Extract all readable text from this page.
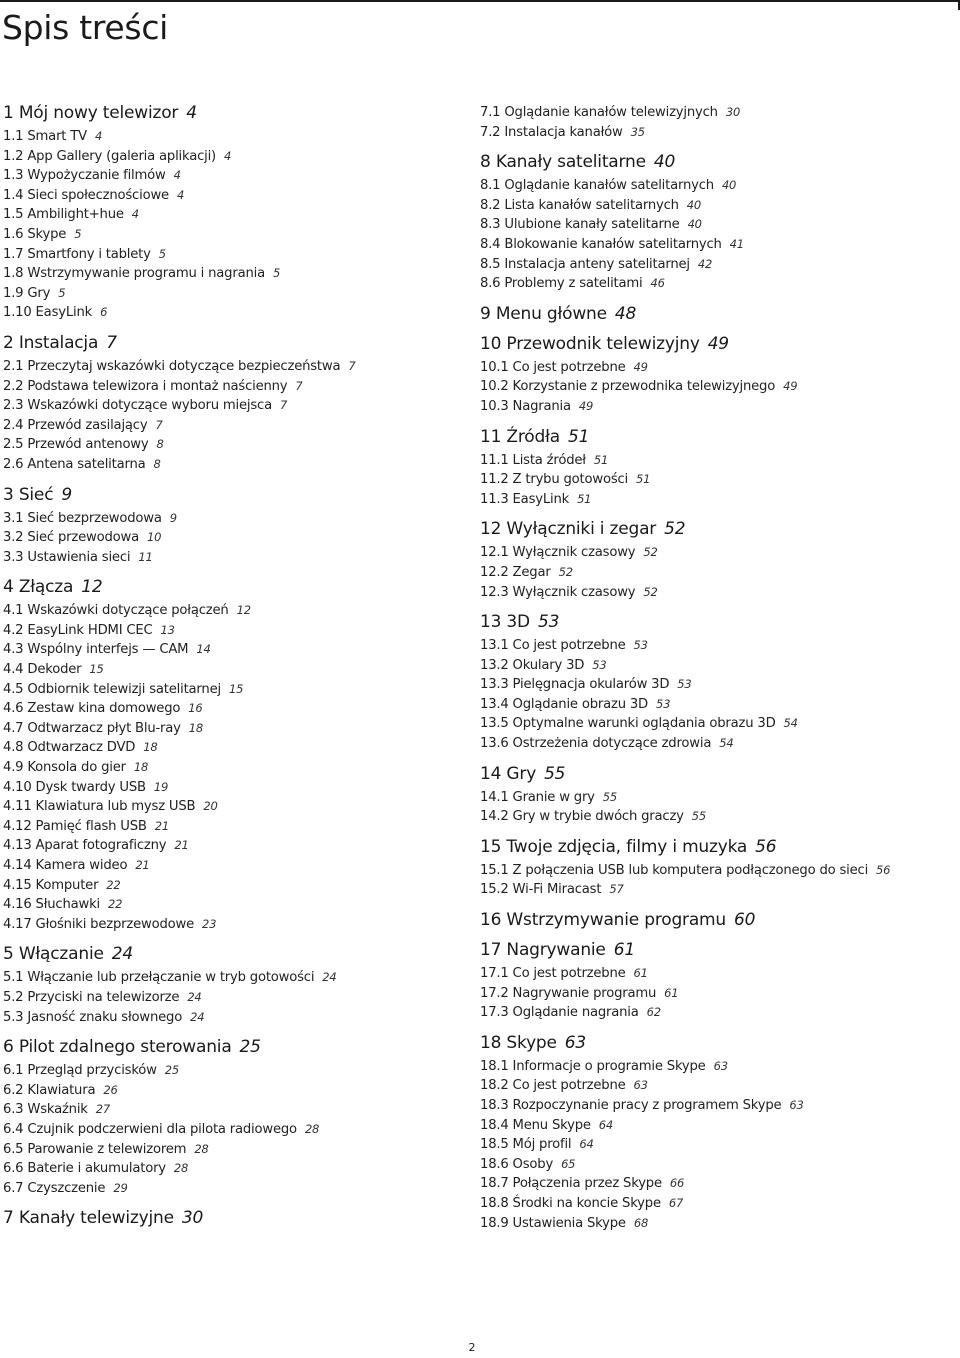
Spis treści
1 Mój nowy telewizor 4
1.1 Smart TV 4
1.2 App Gallery (galeria aplikacji) 4
1.3 Wypożyczanie filmów 4
1.4 Sieci społecznościowe 4
1.5 Ambilight+hue 4
1.6 Skype 5
1.7 Smartfony i tablety 5
1.8 Wstrzymywanie programu i nagrania 5
1.9 Gry 5
1.10 EasyLink 6
2 Instalacja 7
2.1 Przeczytaj wskazówki dotyczące bezpieczeństwa 7
2.2 Podstawa telewizora i montaż naścienny 7
2.3 Wskazówki dotyczące wyboru miejsca 7
2.4 Przewód zasilający 7
2.5 Przewód antenowy 8
2.6 Antena satelitarna 8
3 Sieć 9
3.1 Sieć bezprzewodowa 9
3.2 Sieć przewodowa 10
3.3 Ustawienia sieci 11
4 Złącza 12
4.1 Wskazówki dotyczące połączeń 12
4.2 EasyLink HDMI CEC 13
4.3 Wspólny interfejs — CAM 14
4.4 Dekoder 15
4.5 Odbiornik telewizji satelitarnej 15
4.6 Zestaw kina domowego 16
4.7 Odtwarzacz płyt Blu-ray 18
4.8 Odtwarzacz DVD 18
4.9 Konsola do gier 18
4.10 Dysk twardy USB 19
4.11 Klawiatura lub mysz USB 20
4.12 Pamięć flash USB 21
4.13 Aparat fotograficzny 21
4.14 Kamera wideo 21
4.15 Komputer 22
4.16 Słuchawki 22
4.17 Głośniki bezprzewodowe 23
5 Włączanie 24
5.1 Włączanie lub przełączanie w tryb gotowości 24
5.2 Przyciski na telewizorze 24
5.3 Jasność znaku słownego 24
6 Pilot zdalnego sterowania 25
6.1 Przegląd przycisków 25
6.2 Klawiatura 26
6.3 Wskaźnik 27
6.4 Czujnik podczerwieni dla pilota radiowego 28
6.5 Parowanie z telewizorem 28
6.6 Baterie i akumulatory 28
6.7 Czyszczenie 29
7 Kanały telewizyjne 30
7.1 Oglądanie kanałów telewizyjnych 30
7.2 Instalacja kanałów 35
8 Kanały satelitarne 40
8.1 Oglądanie kanałów satelitarnych 40
8.2 Lista kanałów satelitarnych 40
8.3 Ulubione kanały satelitarne 40
8.4 Blokowanie kanałów satelitarnych 41
8.5 Instalacja anteny satelitarnej 42
8.6 Problemy z satelitami 46
9 Menu główne 48
10 Przewodnik telewizyjny 49
10.1 Co jest potrzebne 49
10.2 Korzystanie z przewodnika telewizyjnego 49
10.3 Nagrania 49
11 Źródła 51
11.1 Lista źródeł 51
11.2 Z trybu gotowości 51
11.3 EasyLink 51
12 Wyłączniki i zegar 52
12.1 Wyłącznik czasowy 52
12.2 Zegar 52
12.3 Wyłącznik czasowy 52
13 3D 53
13.1 Co jest potrzebne 53
13.2 Okulary 3D 53
13.3 Pielęgnacja okularów 3D 53
13.4 Oglądanie obrazu 3D 53
13.5 Optymalne warunki oglądania obrazu 3D 54
13.6 Ostrzeżenia dotyczące zdrowia 54
14 Gry 55
14.1 Granie w gry 55
14.2 Gry w trybie dwóch graczy 55
15 Twoje zdjęcia, filmy i muzyka 56
15.1 Z połączenia USB lub komputera podłączonego do sieci 56
15.2 Wi-Fi Miracast 57
16 Wstrzymywanie programu 60
17 Nagrywanie 61
17.1 Co jest potrzebne 61
17.2 Nagrywanie programu 61
17.3 Oglądanie nagrania 62
18 Skype 63
18.1 Informacje o programie Skype 63
18.2 Co jest potrzebne 63
18.3 Rozpoczynanie pracy z programem Skype 63
18.4 Menu Skype 64
18.5 Mój profil 64
18.6 Osoby 65
18.7 Połączenia przez Skype 66
18.8 Środki na koncie Skype 67
18.9 Ustawienia Skype 68
2
